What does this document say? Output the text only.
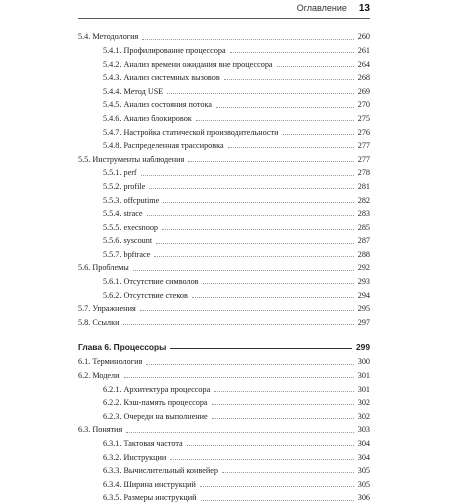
Оглавление 13
5.4. Методология	260
5.4.1. Профилирование процессора	261
5.4.2. Анализ времени ожидания вне процессора	264
5.4.3. Анализ системных вызовов	268
5.4.4. Метод USE	269
5.4.5. Анализ состояния потока	270
5.4.6. Анализ блокировок	275
5.4.7. Настройка статической производительности	276
5.4.8. Распределенная трассировка	277
5.5. Инструменты наблюдения	277
5.5.1. perf	278
5.5.2. profile	281
5.5.3. offcputime	282
5.5.4. strace	283
5.5.5. execsnoop	285
5.5.6. syscount	287
5.5.7. bpftrace	288
5.6. Проблемы	292
5.6.1. Отсутствие символов	293
5.6.2. Отсутствие стеков	294
5.7. Упражнения	295
5.8. Ссылки	297
Глава 6. Процессоры	299
6.1. Терминология	300
6.2. Модели	301
6.2.1. Архитектура процессора	301
6.2.2. Кэш-память процессора	302
6.2.3. Очереди на выполнение	302
6.3. Понятия	303
6.3.1. Тактовая частота	304
6.3.2. Инструкции	304
6.3.3. Вычислительный конвейер	305
6.3.4. Ширина инструкций	305
6.3.5. Размеры инструкций	306
